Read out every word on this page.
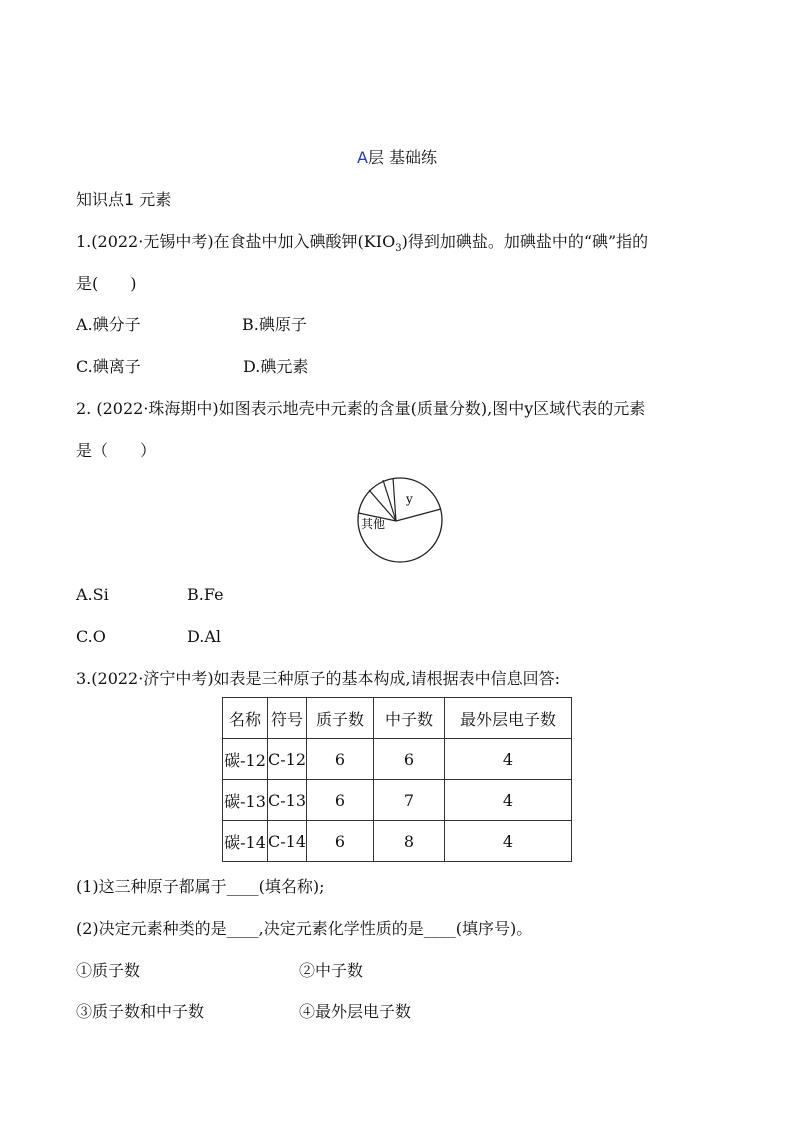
A层 基础练
知识点1 元素
1.(2022·无锡中考)在食盐中加入碘酸钾$(KIO_3)$得到加碘盐。加碘盐中的“碘”指的
是(　　)
A.碘分子	B.碘原子
C.碘离子	D.碘元素
2. (2022·珠海期中)如图表示地壳中元素的含量(质量分数),图中y区域代表的元素
是（　　）
y
其他
A.Si	B.Fe
C.O	D.Al
3.(2022·济宁中考)如表是三种原子的基本构成,请根据表中信息回答:
名称	符号	质子数	中子数	最外层电子数
碳-12	C-12	6	6	4
碳-13	C-13	6	7	4
碳-14	C-14	6	8	4
(1)这三种原子都属于____(填名称);
(2)决定元素种类的是____,决定元素化学性质的是____(填序号)。
①质子数	②中子数
③质子数和中子数	④最外层电子数
